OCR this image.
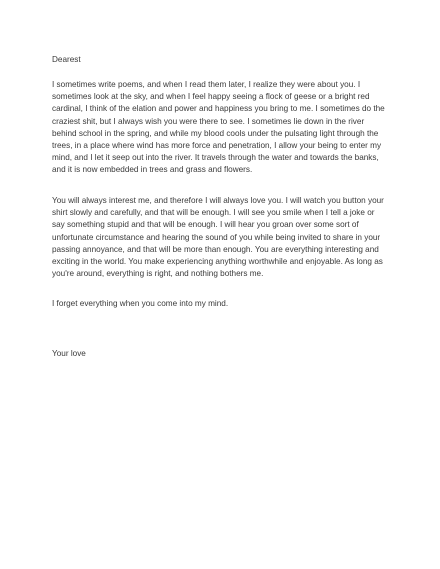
Dearest

I sometimes write poems, and when I read them later, I realize they were about you. I
sometimes look at the sky, and when I feel happy seeing a flock of geese or a bright red
cardinal, I think of the elation and power and happiness you bring to me. I sometimes do the
craziest shit, but I always wish you were there to see. I sometimes lie down in the river
behind school in the spring, and while my blood cools under the pulsating light through the
trees, in a place where wind has more force and penetration, I allow your being to enter my
mind, and I let it seep out into the river. It travels through the water and towards the banks,
and it is now embedded in trees and grass and flowers.

You will always interest me, and therefore I will always love you. I will watch you button your
shirt slowly and carefully, and that will be enough. I will see you smile when I tell a joke or
say something stupid and that will be enough. I will hear you groan over some sort of
unfortunate circumstance and hearing the sound of you while being invited to share in your
passing annoyance, and that will be more than enough. You are everything interesting and
exciting in the world. You make experiencing anything worthwhile and enjoyable. As long as
you're around, everything is right, and nothing bothers me.

I forget everything when you come into my mind.

Your love
